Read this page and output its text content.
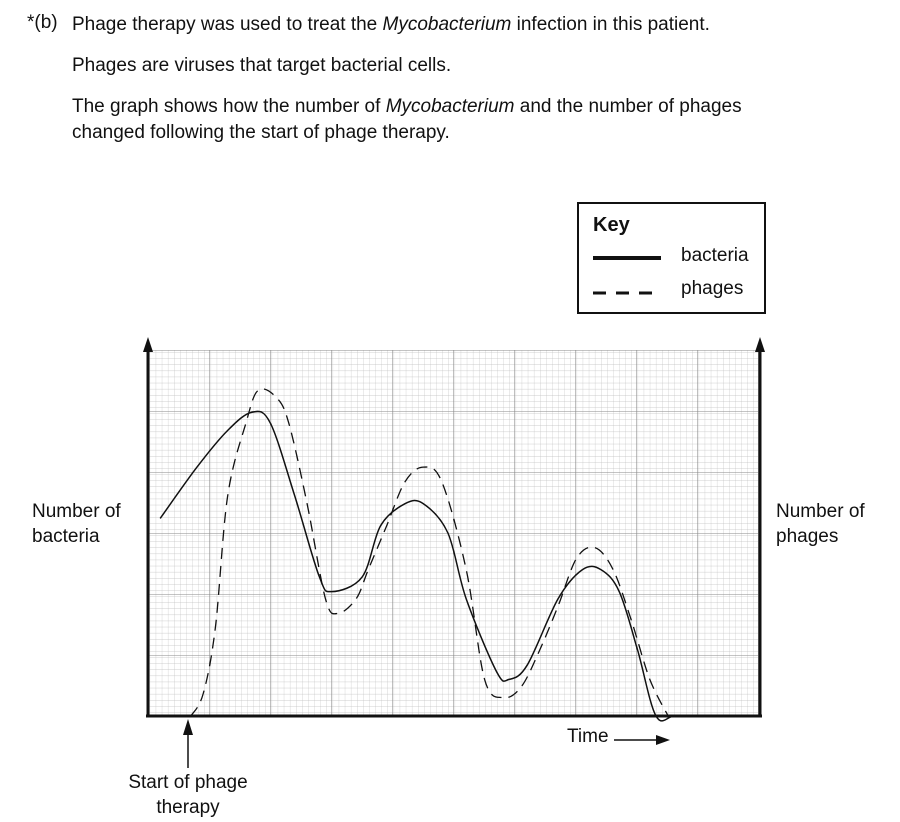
*(b) Phage therapy was used to treat the Mycobacterium infection in this patient.
Phages are viruses that target bacterial cells.
The graph shows how the number of Mycobacterium and the number of phages
changed following the start of phage therapy.
Key
bacteria
phages
Number of
bacteria
Number of
phages
Time
Start of phage
therapy
